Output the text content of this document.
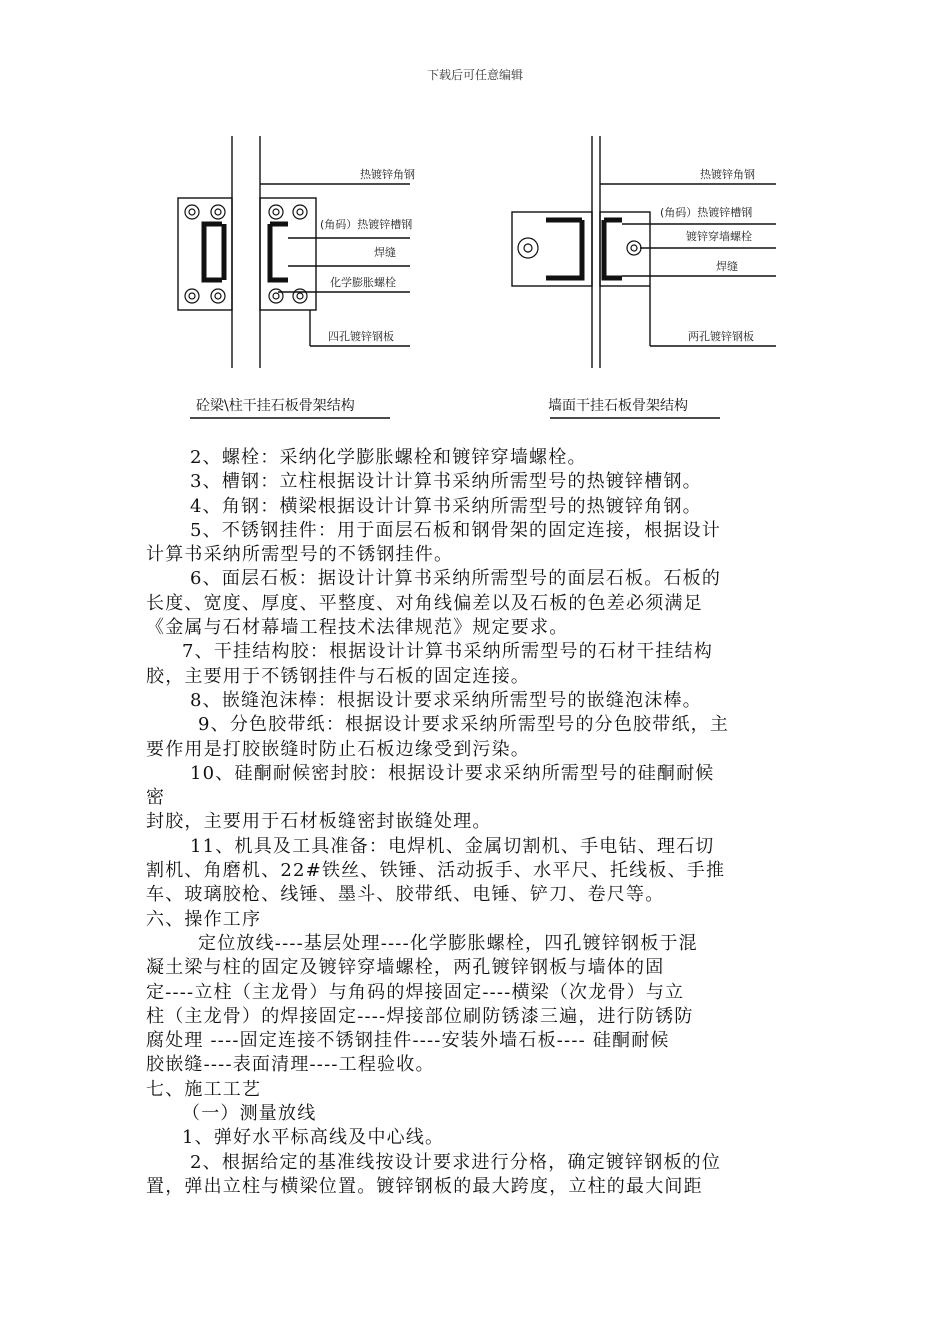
下载后可任意编辑
热镀锌角钢
(角码）热镀锌槽钢
焊缝
化学膨胀螺栓
四孔镀锌钢板
砼梁\柱干挂石板骨架结构
热镀锌角钢
(角码）热镀锌槽钢
镀锌穿墙螺栓
焊缝
两孔镀锌钢板
墙面干挂石板骨架结构

2、螺栓：采纳化学膨胀螺栓和镀锌穿墙螺栓。

3、槽钢：立柱根据设计计算书采纳所需型号的热镀锌槽钢。

4、角钢：横梁根据设计计算书采纳所需型号的热镀锌角钢。

5、不锈钢挂件：用于面层石板和钢骨架的固定连接，根据设计

计算书采纳所需型号的不锈钢挂件。

6、面层石板：据设计计算书采纳所需型号的面层石板。石板的

长度、宽度、厚度、平整度、对角线偏差以及石板的色差必须满足

《金属与石材幕墙工程技术法律规范》规定要求。

7、干挂结构胶：根据设计计算书采纳所需型号的石材干挂结构

胶，主要用于不锈钢挂件与石板的固定连接。

8、嵌缝泡沫棒：根据设计要求采纳所需型号的嵌缝泡沫棒。

9、分色胶带纸：根据设计要求采纳所需型号的分色胶带纸，主

要作用是打胶嵌缝时防止石板边缘受到污染。

10、硅酮耐候密封胶：根据设计要求采纳所需型号的硅酮耐候

密

封胶，主要用于石材板缝密封嵌缝处理。

11、机具及工具准备：电焊机、金属切割机、手电钻、理石切

割机、角磨机、22#铁丝、铁锤、活动扳手、水平尺、托线板、手推

车、玻璃胶枪、线锤、墨斗、胶带纸、电锤、铲刀、卷尺等。

六、操作工序

定位放线----基层处理----化学膨胀螺栓，四孔镀锌钢板于混

凝土梁与柱的固定及镀锌穿墙螺栓，两孔镀锌钢板与墙体的固

定----立柱（主龙骨）与角码的焊接固定----横梁（次龙骨）与立

柱（主龙骨）的焊接固定----焊接部位刷防锈漆三遍，进行防锈防

腐处理 ----固定连接不锈钢挂件----安装外墙石板---- 硅酮耐候

胶嵌缝----表面清理----工程验收。

七、施工工艺

（一）测量放线

1、弹好水平标高线及中心线。

2、根据给定的基准线按设计要求进行分格，确定镀锌钢板的位

置，弹出立柱与横梁位置。镀锌钢板的最大跨度，立柱的最大间距
